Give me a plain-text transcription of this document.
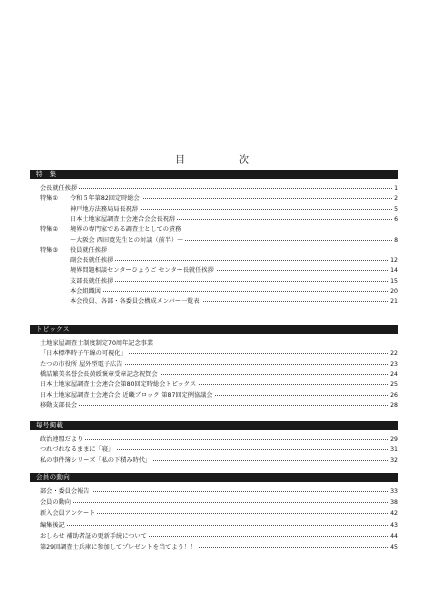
目　次
特　集
会長就任挨拶	1
特集① 令和５年第82回定時総会	2
神戸地方法務局局長祝辞	5
日本土地家屋調査士会連合会会長祝辞	6
特集② 境界の専門家である調査士としての責務
～大阪会 西田寛先生との対談（前半）～	8
特集③ 役員就任挨拶
副会長就任挨拶	12
境界問題相談センターひょうご センター長就任挨拶	14
支部長就任挨拶	15
本会組織図	20
本会役員、各部・各委員会構成メンバー一覧表	21
トピックス
土地家屋調査士制度制定70周年記念事業
「日本標準時子午線の可視化」	22
たつの市役所 屋外型電子広告	23
橋詰繁美名誉会長黄綬褒章受章記念祝賀会	24
日本土地家屋調査士会連合会第80回定時総会トピックス	25
日本土地家屋調査士会連合会 近畿ブロック 第87回定例協議会	26
移動支部長会	28
毎号掲載
政治連盟だより	29
つれづれなるままに「寝」	31
私の事件簿シリーズ「私の下積み時代」	32
会員の動向
部会・委員会報告	33
会員の動向	38
新入会員アンケート	42
編集後記	43
おしらせ 補助者証の更新手続について	44
第29回調査士兵庫に参加してプレゼントを当てよう！！	45
